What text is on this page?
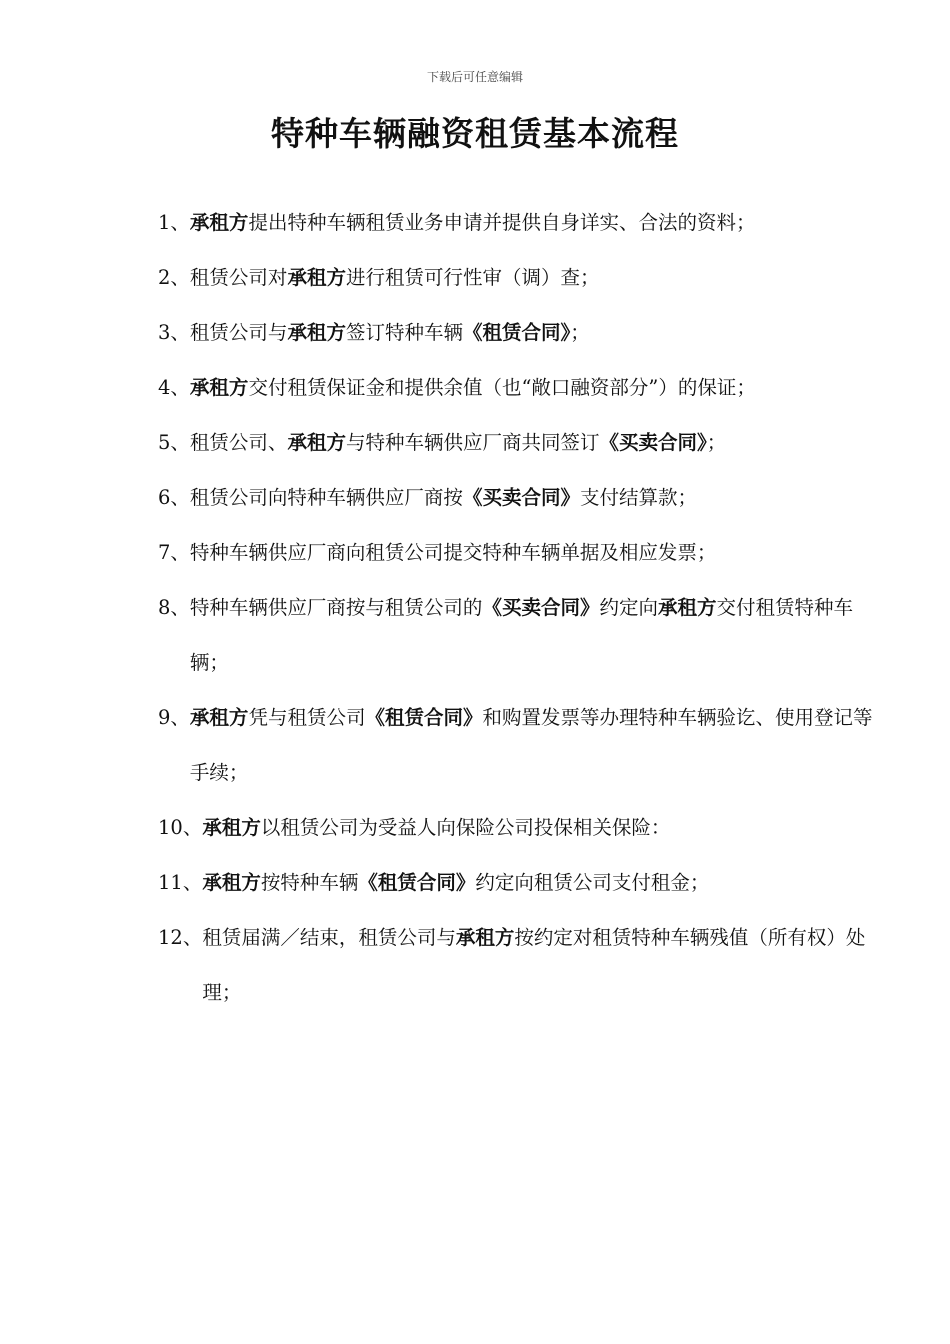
下载后可任意编辑
特种车辆融资租赁基本流程
1、 承租方提出特种车辆租赁业务申请并提供自身详实、合法的资料；
2、 租赁公司对承租方进行租赁可行性审（调）查；
3、 租赁公司与承租方签订特种车辆《租赁合同》；
4、 承租方交付租赁保证金和提供余值（也“敞口融资部分”）的保证；
5、 租赁公司、承租方与特种车辆供应厂商共同签订《买卖合同》；
6、 租赁公司向特种车辆供应厂商按《买卖合同》支付结算款；
7、 特种车辆供应厂商向租赁公司提交特种车辆单据及相应发票；
8、 特种车辆供应厂商按与租赁公司的《买卖合同》约定向承租方交付租赁特种车辆；
9、 承租方凭与租赁公司《租赁合同》和购置发票等办理特种车辆验讫、使用登记等手续；
10、 承租方以租赁公司为受益人向保险公司投保相关保险：
11、 承租方按特种车辆《租赁合同》约定向租赁公司支付租金；
12、 租赁届满／结束，租赁公司与承租方按约定对租赁特种车辆残值（所有权）处理；
